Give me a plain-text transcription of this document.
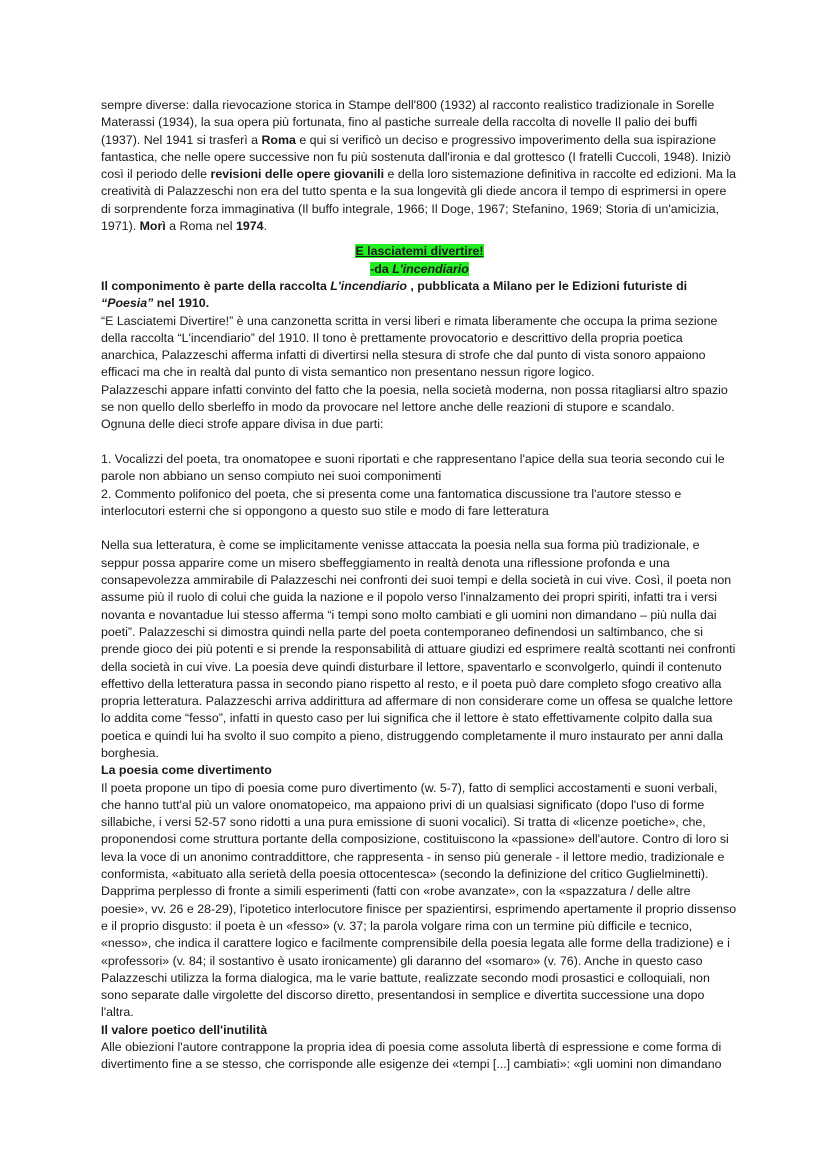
sempre diverse: dalla rievocazione storica in Stampe dell'800 (1932) al racconto realistico tradizionale in Sorelle Materassi (1934), la sua opera più fortunata, fino al pastiche surreale della raccolta di novelle Il palio dei buffi (1937). Nel 1941 si trasferì a Roma e qui si verificò un deciso e progressivo impoverimento della sua ispirazione fantastica, che nelle opere successive non fu più sostenuta dall'ironia e dal grottesco (I fratelli Cuccoli, 1948). Iniziò così il periodo delle revisioni delle opere giovanili e della loro sistemazione definitiva in raccolte ed edizioni. Ma la creatività di Palazzeschi non era del tutto spenta e la sua longevità gli diede ancora il tempo di esprimersi in opere di sorprendente forza immaginativa (Il buffo integrale, 1966; Il Doge, 1967; Stefanino, 1969; Storia di un'amicizia, 1971). Morì a Roma nel 1974.

E lasciatemi divertire!

-da L'incendiario

Il componimento è parte della raccolta L'incendiario , pubblicata a Milano per le Edizioni futuriste di “Poesia” nel 1910.

“E Lasciatemi Divertire!” è una canzonetta scritta in versi liberi e rimata liberamente che occupa la prima sezione della raccolta “L'incendiario” del 1910. Il tono è prettamente provocatorio e descrittivo della propria poetica anarchica, Palazzeschi afferma infatti di divertirsi nella stesura di strofe che dal punto di vista sonoro appaiono efficaci ma che in realtà dal punto di vista semantico non presentano nessun rigore logico.

Palazzeschi appare infatti convinto del fatto che la poesia, nella società moderna, non possa ritagliarsi altro spazio se non quello dello sberleffo in modo da provocare nel lettore anche delle reazioni di stupore e scandalo.

Ognuna delle dieci strofe appare divisa in due parti:

1. Vocalizzi del poeta, tra onomatopee e suoni riportati e che rappresentano l'apice della sua teoria secondo cui le parole non abbiano un senso compiuto nei suoi componimenti

2. Commento polifonico del poeta, che si presenta come una fantomatica discussione tra l'autore stesso e interlocutori esterni che si oppongono a questo suo stile e modo di fare letteratura

Nella sua letteratura, è come se implicitamente venisse attaccata la poesia nella sua forma più tradizionale, e seppur possa apparire come un misero sbeffeggiamento in realtà denota una riflessione profonda e una consapevolezza ammirabile di Palazzeschi nei confronti dei suoi tempi e della società in cui vive. Così, il poeta non assume più il ruolo di colui che guida la nazione e il popolo verso l'innalzamento dei propri spiriti, infatti tra i versi novanta e novantadue lui stesso afferma “i tempi sono molto cambiati e gli uomini non dimandano – più nulla dai poeti”. Palazzeschi si dimostra quindi nella parte del poeta contemporaneo definendosi un saltimbanco, che si prende gioco dei più potenti e si prende la responsabilità di attuare giudizi ed esprimere realtà scottanti nei confronti della società in cui vive. La poesia deve quindi disturbare il lettore, spaventarlo e sconvolgerlo, quindi il contenuto effettivo della letteratura passa in secondo piano rispetto al resto, e il poeta può dare completo sfogo creativo alla propria letteratura. Palazzeschi arriva addirittura ad affermare di non considerare come un offesa se qualche lettore lo addita come “fesso”, infatti in questo caso per lui significa che il lettore è stato effettivamente colpito dalla sua poetica e quindi lui ha svolto il suo compito a pieno, distruggendo completamente il muro instaurato per anni dalla borghesia.

La poesia come divertimento

Il poeta propone un tipo di poesia come puro divertimento (w. 5-7), fatto di semplici accostamenti e suoni verbali, che hanno tutt'al più un valore onomatopeico, ma appaiono privi di un qualsiasi significato (dopo l'uso di forme sillabiche, i versi 52-57 sono ridotti a una pura emissione di suoni vocalici). Si tratta di «licenze poetiche», che, proponendosi come struttura portante della composizione, costituiscono la «passione» dell'autore. Contro di loro si leva la voce di un anonimo contraddittore, che rappresenta - in senso più generale - il lettore medio, tradizionale e conformista, «abituato alla serietà della poesia ottocentesca» (secondo la definizione del critico Guglielminetti). Dapprima perplesso di fronte a simili esperimenti (fatti con «robe avanzate», con la «spazzatura / delle altre poesie», vv. 26 e 28-29), l'ipotetico interlocutore finisce per spazientirsi, esprimendo apertamente il proprio dissenso e il proprio disgusto: il poeta è un «fesso» (v. 37; la parola volgare rima con un termine più difficile e tecnico, «nesso», che indica il carattere logico e facilmente comprensibile della poesia legata alle forme della tradizione) e i «professori» (v. 84; il sostantivo è usato ironicamente) gli daranno del «somaro» (v. 76). Anche in questo caso Palazzeschi utilizza la forma dialogica, ma le varie battute, realizzate secondo modi prosastici e colloquiali, non sono separate dalle virgolette del discorso diretto, presentandosi in semplice e divertita successione una dopo l'altra.

Il valore poetico dell'inutilità

Alle obiezioni l'autore contrappone la propria idea di poesia come assoluta libertà di espressione e come forma di divertimento fine a se stesso, che corrisponde alle esigenze dei «tempi [...] cambiati»: «gli uomini non dimandano
